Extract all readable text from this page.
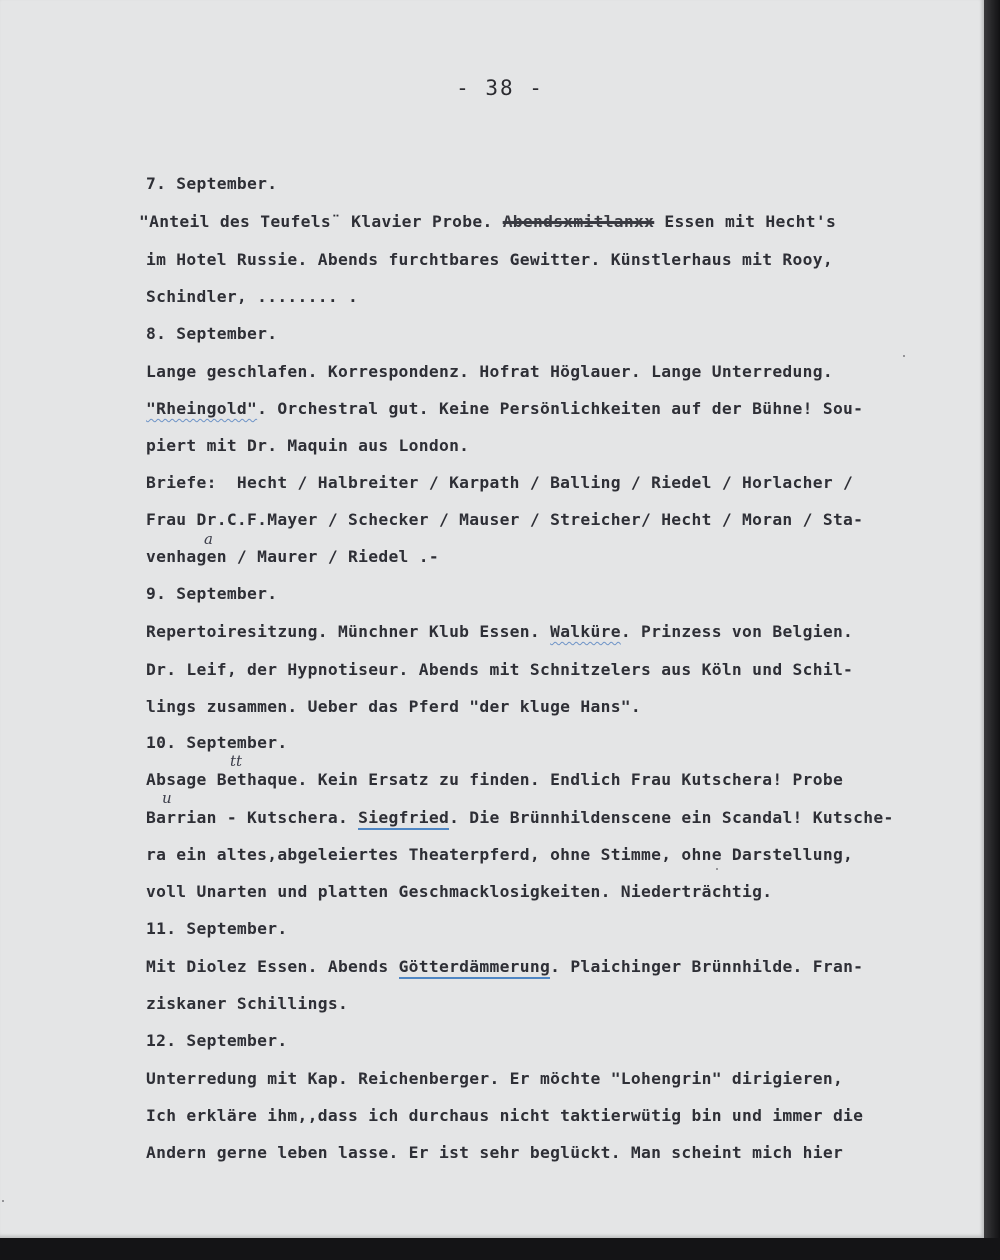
- 38 -
7. September.
"Anteil des Teufels¨ Klavier Probe. Abendsxmitlanxx Essen mit Hecht's
im Hotel Russie. Abends furchtbares Gewitter. Künstlerhaus mit Rooy,
Schindler, ........ .
8. September.
Lange geschlafen. Korrespondenz. Hofrat Höglauer. Lange Unterredung.
"Rheingold". Orchestral gut. Keine Persönlichkeiten auf der Bühne! Sou-
piert mit Dr. Maquin aus London.
Briefe:  Hecht / Halbreiter / Karpath / Balling / Riedel / Horlacher /
Frau Dr.C.F.Mayer / Schecker / Mauser / Streicher/ Hecht / Moran / Sta-
venhagen / Maurer / Riedel .-
a
9. September.
Repertoiresitzung. Münchner Klub Essen. Walküre. Prinzess von Belgien.
Dr. Leif, der Hypnotiseur. Abends mit Schnitzelers aus Köln und Schil-
lings zusammen. Ueber das Pferd "der kluge Hans".
10. September.
Absage Bethaque. Kein Ersatz zu finden. Endlich Frau Kutschera! Probe
tt
Barrian - Kutschera. Siegfried. Die Brünnhildenscene ein Scandal! Kutsche-
u
ra ein altes,abgeleiertes Theaterpferd, ohne Stimme, ohne Darstellung,
voll Unarten und platten Geschmacklosigkeiten. Niederträchtig.
11. September.
Mit Diolez Essen. Abends Götterdämmerung. Plaichinger Brünnhilde. Fran-
ziskaner Schillings.
12. September.
Unterredung mit Kap. Reichenberger. Er möchte "Lohengrin" dirigieren,
Ich erkläre ihm,,dass ich durchaus nicht taktierwütig bin und immer die
Andern gerne leben lasse. Er ist sehr beglückt. Man scheint mich hier
